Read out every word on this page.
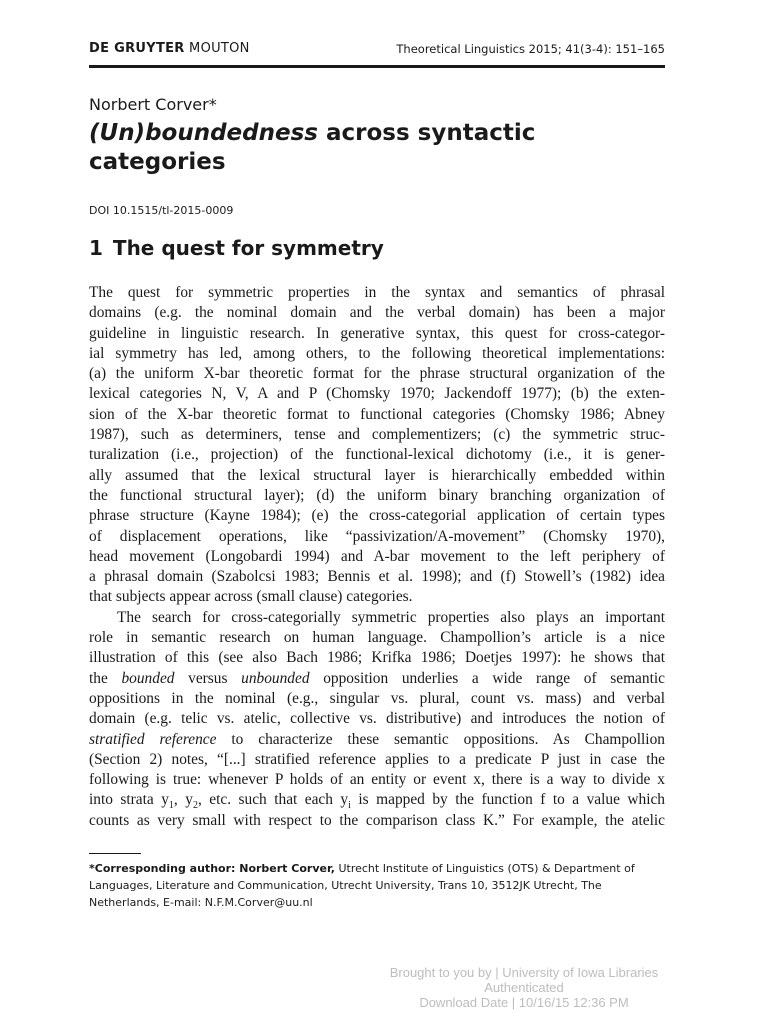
DE GRUYTER MOUTON	Theoretical Linguistics 2015; 41(3-4): 151–165
Norbert Corver*
(Un)boundedness across syntactic
categories
DOI 10.1515/tl-2015-0009
1 The quest for symmetry
The quest for symmetric properties in the syntax and semantics of phrasal
domains (e.g. the nominal domain and the verbal domain) has been a major
guideline in linguistic research. In generative syntax, this quest for cross-categor-
ial symmetry has led, among others, to the following theoretical implementations:
(a) the uniform X-bar theoretic format for the phrase structural organization of the
lexical categories N, V, A and P (Chomsky 1970; Jackendoff 1977); (b) the exten-
sion of the X-bar theoretic format to functional categories (Chomsky 1986; Abney
1987), such as determiners, tense and complementizers; (c) the symmetric struc-
turalization (i.e., projection) of the functional-lexical dichotomy (i.e., it is gener-
ally assumed that the lexical structural layer is hierarchically embedded within
the functional structural layer); (d) the uniform binary branching organization of
phrase structure (Kayne 1984); (e) the cross-categorial application of certain types
of displacement operations, like “passivization/A-movement” (Chomsky 1970),
head movement (Longobardi 1994) and A-bar movement to the left periphery of
a phrasal domain (Szabolcsi 1983; Bennis et al. 1998); and (f) Stowell’s (1982) idea
that subjects appear across (small clause) categories.
The search for cross-categorially symmetric properties also plays an important
role in semantic research on human language. Champollion’s article is a nice
illustration of this (see also Bach 1986; Krifka 1986; Doetjes 1997): he shows that
the bounded versus unbounded opposition underlies a wide range of semantic
oppositions in the nominal (e.g., singular vs. plural, count vs. mass) and verbal
domain (e.g. telic vs. atelic, collective vs. distributive) and introduces the notion of
stratified reference to characterize these semantic oppositions. As Champollion
(Section 2) notes, “[...] stratified reference applies to a predicate P just in case the
following is true: whenever P holds of an entity or event x, there is a way to divide x
into strata $y_1$, $y_2$, etc. such that each $y_i$ is mapped by the function f to a value which
counts as very small with respect to the comparison class K.” For example, the atelic
*Corresponding author: Norbert Corver, Utrecht Institute of Linguistics (OTS) & Department of
Languages, Literature and Communication, Utrecht University, Trans 10, 3512JK Utrecht, The
Netherlands, E-mail: N.F.M.Corver@uu.nl
Brought to you by | University of Iowa Libraries
Authenticated
Download Date | 10/16/15 12:36 PM
